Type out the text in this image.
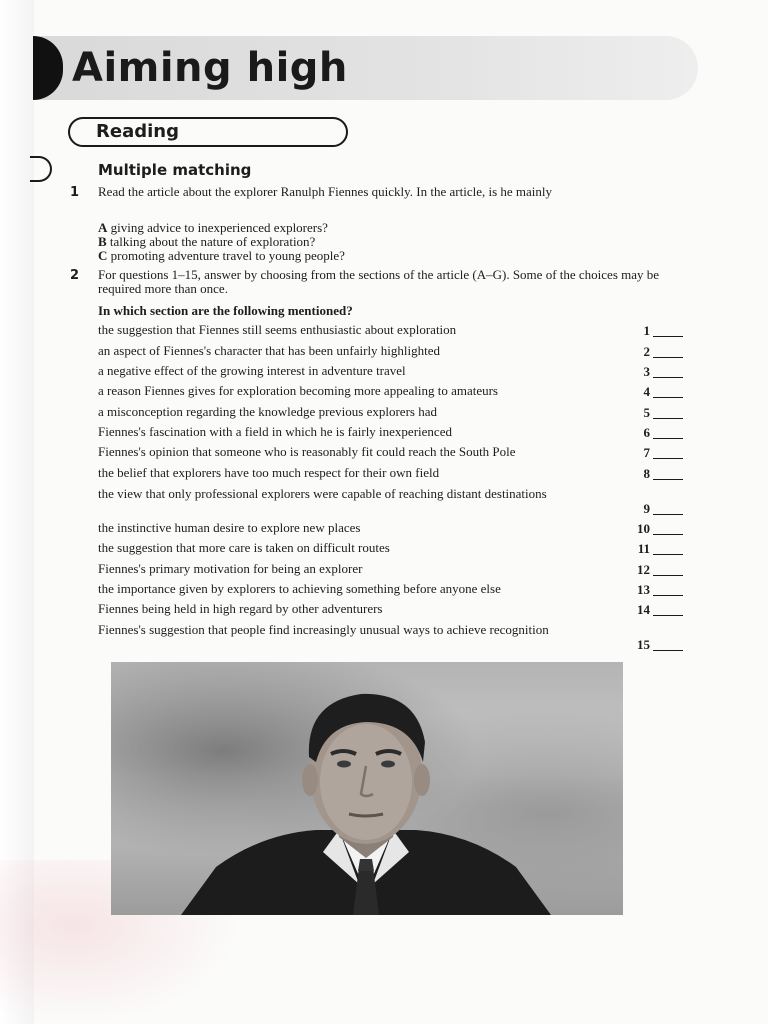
Aiming high
Reading
Multiple matching
1 Read the article about the explorer Ranulph Fiennes quickly. In the article, is he mainly
A giving advice to inexperienced explorers?
B talking about the nature of exploration?
C promoting adventure travel to young people?
2 For questions 1–15, answer by choosing from the sections of the article (A–G). Some of the choices may be required more than once.
In which section are the following mentioned?
the suggestion that Fiennes still seems enthusiastic about exploration	1
an aspect of Fiennes's character that has been unfairly highlighted	2
a negative effect of the growing interest in adventure travel	3
a reason Fiennes gives for exploration becoming more appealing to amateurs	4
a misconception regarding the knowledge previous explorers had	5
Fiennes's fascination with a field in which he is fairly inexperienced	6
Fiennes's opinion that someone who is reasonably fit could reach the South Pole	7
the belief that explorers have too much respect for their own field	8
the view that only professional explorers were capable of reaching distant destinations
9
the instinctive human desire to explore new places	10
the suggestion that more care is taken on difficult routes	11
Fiennes's primary motivation for being an explorer	12
the importance given by explorers to achieving something before anyone else	13
Fiennes being held in high regard by other adventurers	14
Fiennes's suggestion that people find increasingly unusual ways to achieve recognition
15
